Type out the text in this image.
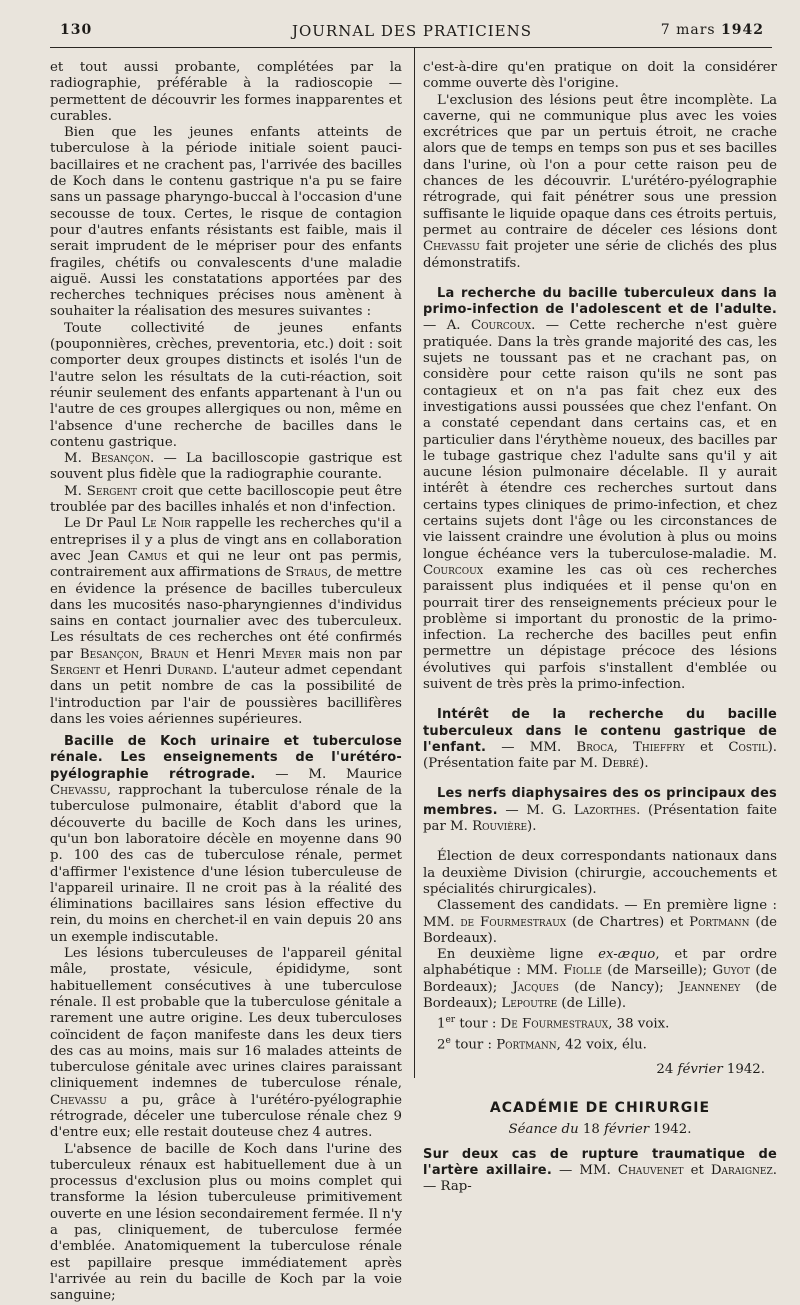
130	JOURNAL DES PRATICIENS	7 mars 1942

et tout aussi probante, complétées par la radiographie, préférable à la radioscopie — permettent de découvrir les formes inapparentes et curables.

Bien que les jeunes enfants atteints de tuberculose à la période initiale soient pauci-bacillaires et ne crachent pas, l'arrivée des bacilles de Koch dans le contenu gastrique n'a pu se faire sans un passage pharyngo-buccal à l'occasion d'une secousse de toux. Certes, le risque de contagion pour d'autres enfants résistants est faible, mais il serait imprudent de le mépriser pour des enfants fragiles, chétifs ou convalescents d'une maladie aiguë. Aussi les constatations apportées par des recherches techniques précises nous amènent à souhaiter la réalisation des mesures suivantes :

Toute collectivité de jeunes enfants (pouponnières, crèches, preventoria, etc.) doit : soit comporter deux groupes distincts et isolés l'un de l'autre selon les résultats de la cuti-réaction, soit réunir seulement des enfants appartenant à l'un ou l'autre de ces groupes allergiques ou non, même en l'absence d'une recherche de bacilles dans le contenu gastrique.

M. Besançon. — La bacilloscopie gastrique est souvent plus fidèle que la radiographie courante.

M. Sergent croit que cette bacilloscopie peut être troublée par des bacilles inhalés et non d'infection.

Le Dr Paul Le Noir rappelle les recherches qu'il a entreprises il y a plus de vingt ans en collaboration avec Jean Camus et qui ne leur ont pas permis, contrairement aux affirmations de Straus, de mettre en évidence la présence de bacilles tuberculeux dans les mucosités naso-pharyngiennes d'individus sains en contact journalier avec des tuberculeux. Les résultats de ces recherches ont été confirmés par Besançon, Braun et Henri Meyer mais non par Sergent et Henri Durand. L'auteur admet cependant dans un petit nombre de cas la possibilité de l'introduction par l'air de poussières bacillifères dans les voies aériennes supérieures.

Bacille de Koch urinaire et tuberculose rénale. Les enseignements de l'urétéro-pyélographie rétrograde. — M. Maurice Chevassu, rapprochant la tuberculose rénale de la tuberculose pulmonaire, établit d'abord que la découverte du bacille de Koch dans les urines, qu'un bon laboratoire décèle en moyenne dans 90 p. 100 des cas de tuberculose rénale, permet d'affirmer l'existence d'une lésion tuberculeuse de l'appareil urinaire. Il ne croit pas à la réalité des éliminations bacillaires sans lésion effective du rein, du moins en cherchet-il en vain depuis 20 ans un exemple indiscutable.

Les lésions tuberculeuses de l'appareil génital mâle, prostate, vésicule, épididyme, sont habituellement consécutives à une tuberculose rénale. Il est probable que la tuberculose génitale a rarement une autre origine. Les deux tuberculoses coïncident de façon manifeste dans les deux tiers des cas au moins, mais sur 16 malades atteints de tuberculose génitale avec urines claires paraissant cliniquement indemnes de tuberculose rénale, Chevassu a pu, grâce à l'urétéro-pyélographie rétrograde, déceler une tuberculose rénale chez 9 d'entre eux; elle restait douteuse chez 4 autres.

L'absence de bacille de Koch dans l'urine des tuberculeux rénaux est habituellement due à un processus d'exclusion plus ou moins complet qui transforme la lésion tuberculeuse primitivement ouverte en une lésion secondairement fermée. Il n'y a pas, cliniquement, de tuberculose fermée d'emblée. Anatomiquement la tuberculose rénale est papillaire presque immédiatement après l'arrivée au rein du bacille de Koch par la voie sanguine;

c'est-à-dire qu'en pratique on doit la considérer comme ouverte dès l'origine.

L'exclusion des lésions peut être incomplète. La caverne, qui ne communique plus avec les voies excrétrices que par un pertuis étroit, ne crache alors que de temps en temps son pus et ses bacilles dans l'urine, où l'on a pour cette raison peu de chances de les découvrir. L'urétéro-pyélographie rétrograde, qui fait pénétrer sous une pression suffisante le liquide opaque dans ces étroits pertuis, permet au contraire de déceler ces lésions dont Chevassu fait projeter une série de clichés des plus démonstratifs.

La recherche du bacille tuberculeux dans la primo-infection de l'adolescent et de l'adulte. — A. Courcoux. — Cette recherche n'est guère pratiquée. Dans la très grande majorité des cas, les sujets ne toussant pas et ne crachant pas, on considère pour cette raison qu'ils ne sont pas contagieux et on n'a pas fait chez eux des investigations aussi poussées que chez l'enfant. On a constaté cependant dans certains cas, et en particulier dans l'érythème noueux, des bacilles par le tubage gastrique chez l'adulte sans qu'il y ait aucune lésion pulmonaire décelable. Il y aurait intérêt à étendre ces recherches surtout dans certains types cliniques de primo-infection, et chez certains sujets dont l'âge ou les circonstances de vie laissent craindre une évolution à plus ou moins longue échéance vers la tuberculose-maladie. M. Courcoux examine les cas où ces recherches paraissent plus indiquées et il pense qu'on en pourrait tirer des renseignements précieux pour le problème si important du pronostic de la primo-infection. La recherche des bacilles peut enfin permettre un dépistage précoce des lésions évolutives qui parfois s'installent d'emblée ou suivent de très près la primo-infection.

Intérêt de la recherche du bacille tuberculeux dans le contenu gastrique de l'enfant. — MM. Broca, Thieffry et Costil). (Présentation faite par M. Debré).

Les nerfs diaphysaires des os principaux des membres. — M. G. Lazorthes. (Présentation faite par M. Rouvière).

Élection de deux correspondants nationaux dans la deuxième Division (chirurgie, accouchements et spécialités chirurgicales).

Classement des candidats. — En première ligne : MM. de Fourmestraux (de Chartres) et Portmann (de Bordeaux).

En deuxième ligne ex-æquo, et par ordre alphabétique : MM. Fiolle (de Marseille); Guyot (de Bordeaux); Jacques (de Nancy); Jeanneney (de Bordeaux); Lepoutre (de Lille).

1er tour : De Fourmestraux, 38 voix.

2e tour : Portmann, 42 voix, élu.

24 février 1942.

ACADÉMIE DE CHIRURGIE
Séance du 18 février 1942.

Sur deux cas de rupture traumatique de l'artère axillaire. — MM. Chauvenet et Daraignez. — Rap-
